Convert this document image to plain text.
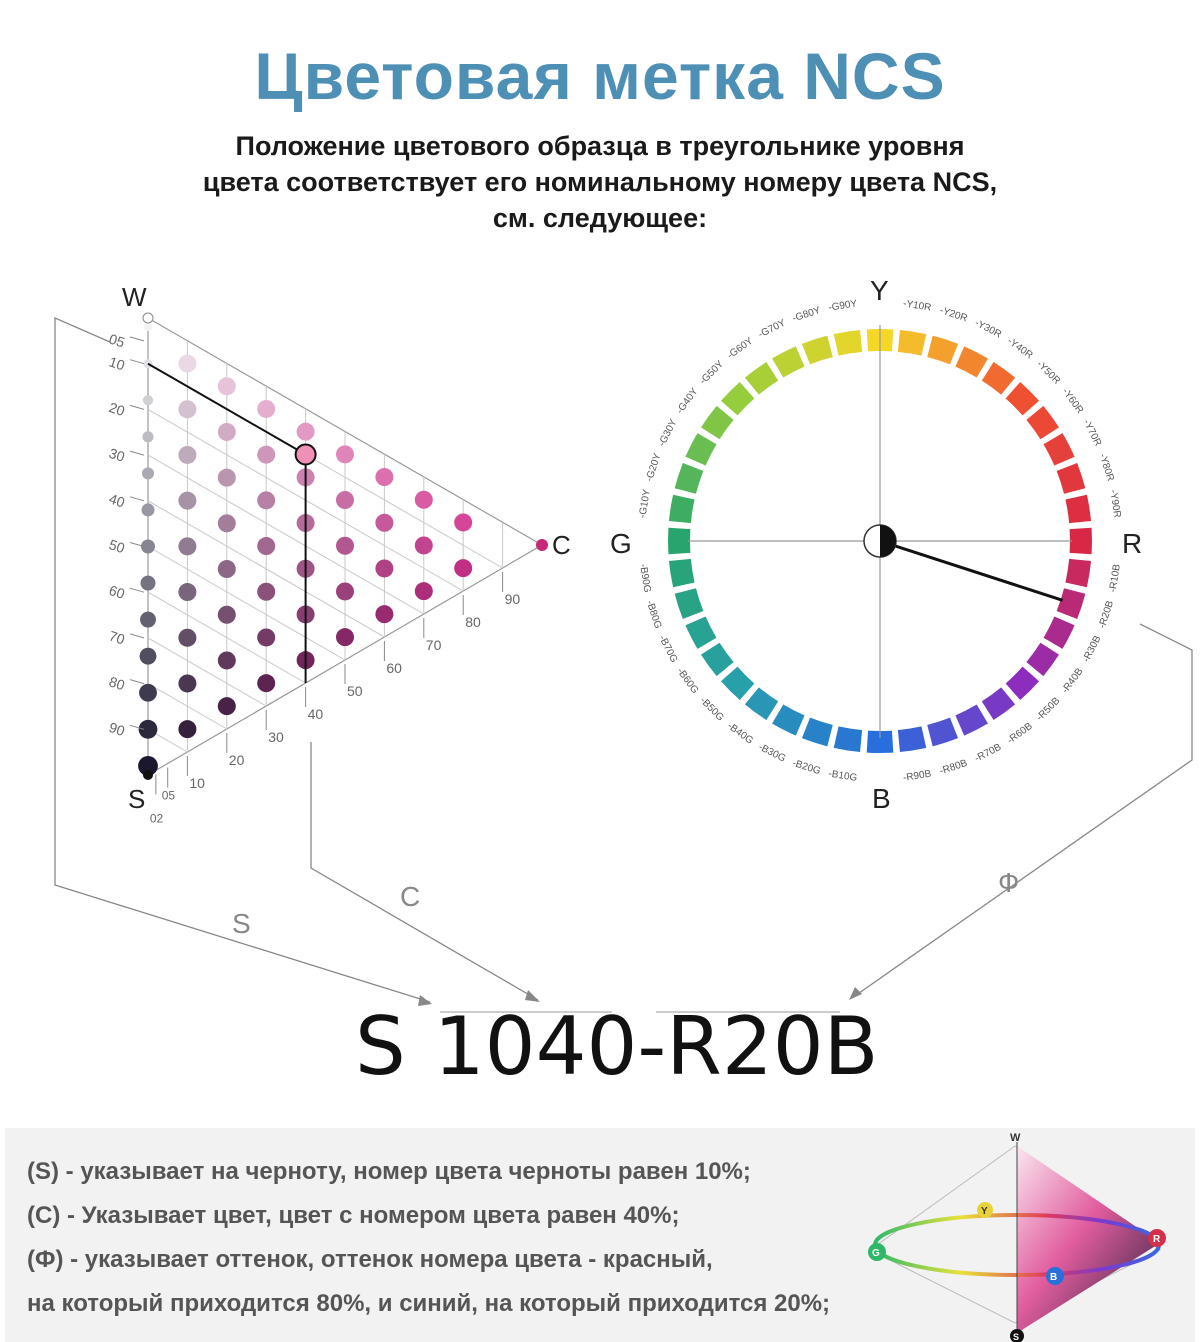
Цветовая метка NCS
Положение цветового образца в треугольнике уровня
цвета соответствует его номинальному номеру цвета NCS,
см. следующее:
05
10
20
30
40
50
60
70
80
90
02
05
10
20
30
40
50
60
70
80
90
W
S
C
-Y10R -Y20R
-Y30R
-Y40R
-Y50R
-Y60R
-Y70R
-Y80R
-Y90R
-R10B
-R20B
-R30B
-R40B
-R50B
-R60B
-R70B
-R80B
-R90B
-B10G
-B20G
-B30G
-B40G
-B50G
-B60G
-B70G
-B80G
-B90G
-G10Y
-G20Y
-G30Y
-G40Y
-G50Y
-G60Y
-G70Y
-G80Y -G90Y
Y
R
B
G
S
C	Ф
S 1040-R20B
(S) - указывает на черноту, номер цвета черноты равен 10%;
(C) - Указывает цвет, цвет с номером цвета равен 40%;
(Ф) - указывает оттенок, оттенок номера цвета - красный,
на который приходится 80%, и синий, на который приходится 20%;
W
Y
G
R
B
S
